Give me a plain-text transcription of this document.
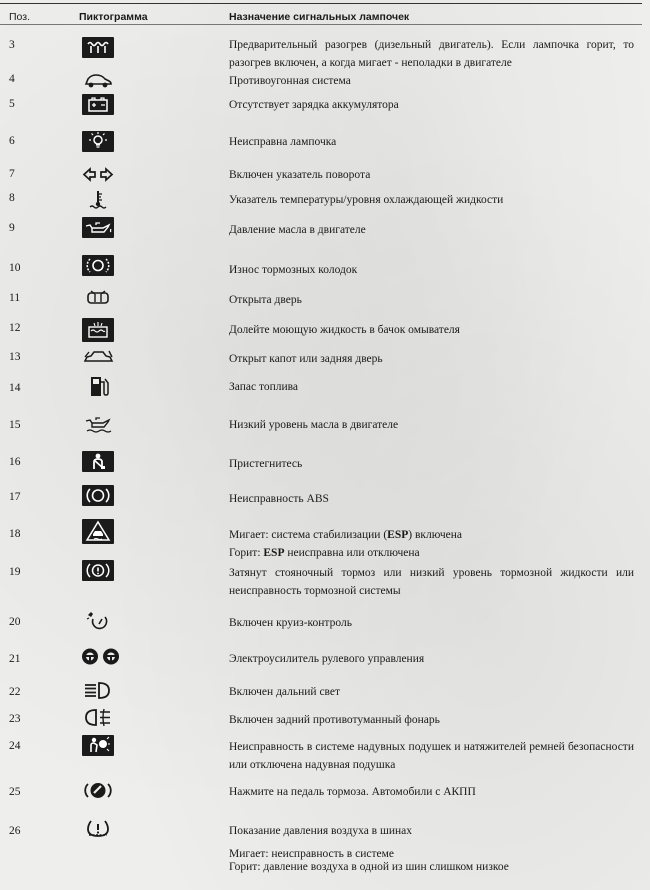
Поз.	Пиктограмма	Назначение сигнальных лампочек
3	Предварительный разогрев (дизельный двигатель). Если лампочка горит, то разогрев включен, а когда мигает - неполадки в двигателе
4	Противоугонная система
5	Отсутствует зарядка аккумулятора
6	Неисправна лампочка
7	Включен указатель поворота
8	Указатель температуры/уровня охлаждающей жидкости
9	Давление масла в двигателе
10	Износ тормозных колодок
11	Открыта дверь
12	Долейте моющую жидкость в бачок омывателя
13	Открыт капот или задняя дверь
14	Запас топлива
15	Низкий уровень масла в двигателе
16	Пристегнитесь
17	Неисправность ABS
18	Мигает: система стабилизации (ESP) включена
Горит: ESP неисправна или отключена
19	Затянут стояночный тормоз или низкий уровень тормозной жидкости или неисправность тормозной системы
20	Включен круиз-контроль
21	Электроусилитель рулевого управления
22	Включен дальний свет
23	Включен задний противотуманный фонарь
24	Неисправность в системе надувных подушек и натяжителей ремней безопасности или отключена надувная подушка
25	Нажмите на педаль тормоза. Автомобили с АКПП
26	Показание давления воздуха в шинах
Мигает: неисправность в системе
Горит: давление воздуха в одной из шин слишком низкое
